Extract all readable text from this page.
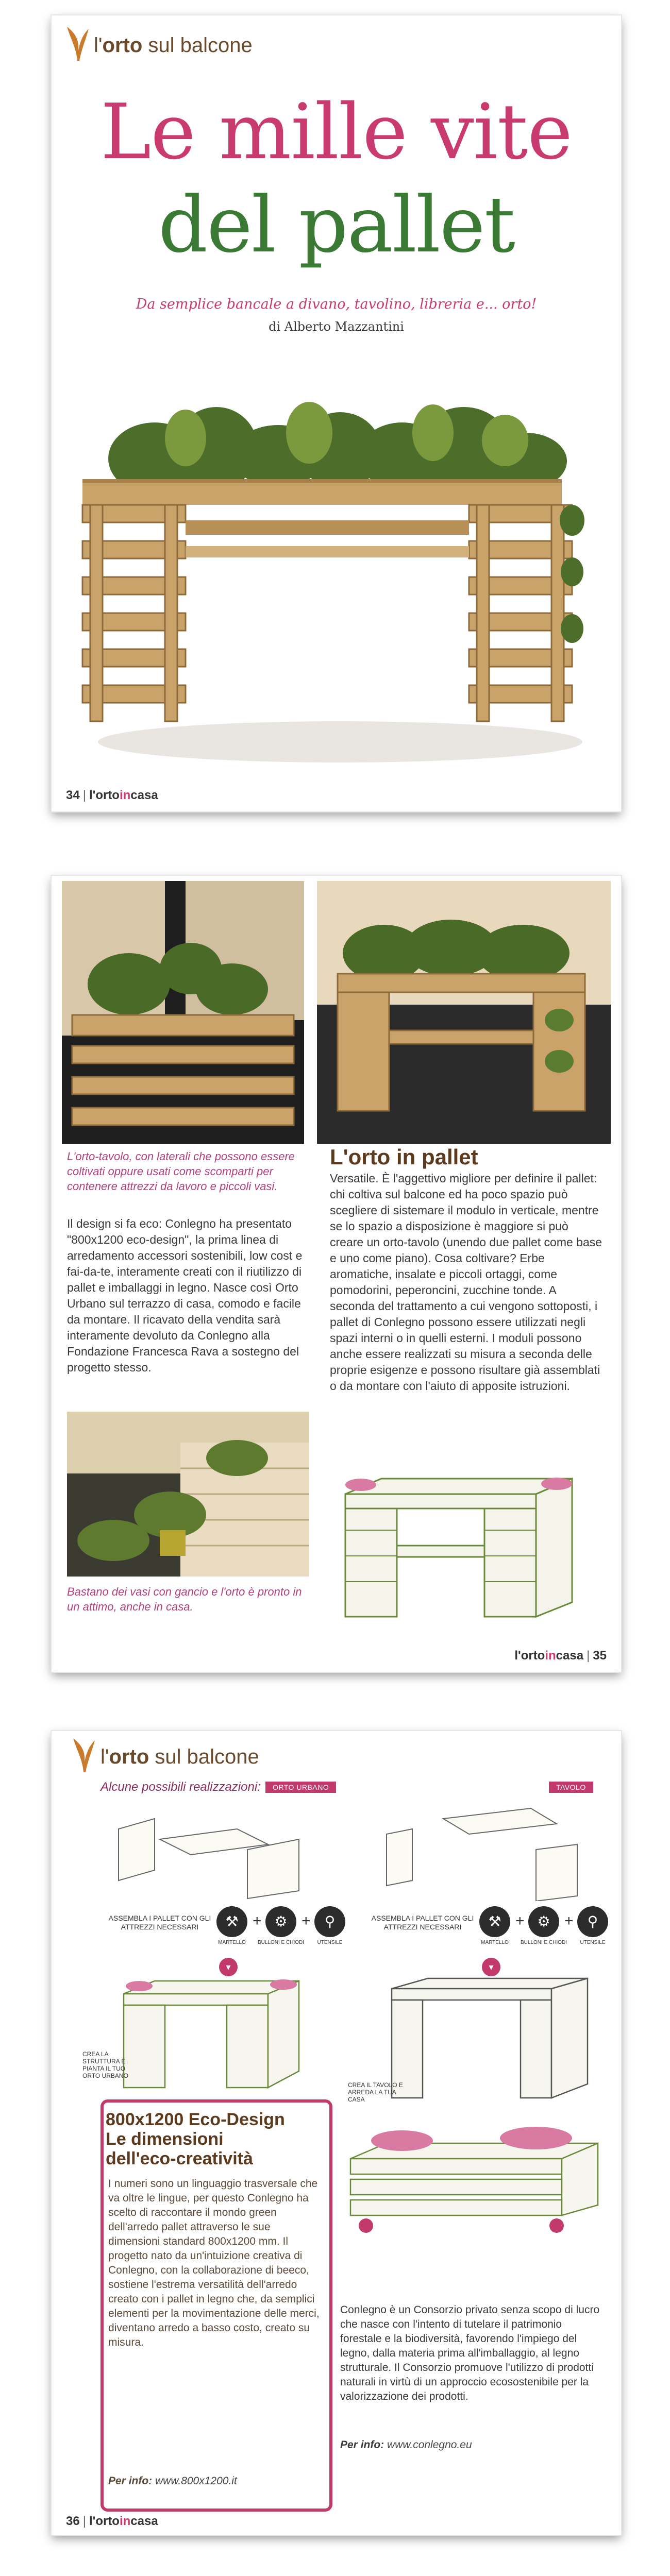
l'orto sul balcone
Le mille vite
del pallet
Da semplice bancale a divano, tavolino, libreria e... orto!
di Alberto Mazzantini
34 | l'ortoincasa

L'orto-tavolo, con laterali che possono essere coltivati oppure usati come scomparti per contenere attrezzi da lavoro e piccoli vasi.

Il design si fa eco: Conlegno ha presentato "800x1200 eco-design", la prima linea di arredamento accessori sostenibili, low cost e fai-da-te, interamente creati con il riutilizzo di pallet e imballaggi in legno. Nasce così Orto Urbano sul terrazzo di casa, comodo e facile da montare. Il ricavato della vendita sarà interamente devoluto da Conlegno alla Fondazione Francesca Rava a sostegno del progetto stesso.

Bastano dei vasi con gancio e l'orto è pronto in un attimo, anche in casa.

L'orto in pallet

Versatile. È l'aggettivo migliore per definire il pallet: chi coltiva sul balcone ed ha poco spazio può scegliere di sistemare il modulo in verticale, mentre se lo spazio a disposizione è maggiore si può creare un orto-tavolo (unendo due pallet come base e uno come piano). Cosa coltivare? Erbe aromatiche, insalate e piccoli ortaggi, come pomodorini, peperoncini, zucchine tonde. A seconda del trattamento a cui vengono sottoposti, i pallet di Conlegno possono essere utilizzati negli spazi interni o in quelli esterni. I moduli possono anche essere realizzati su misura a seconda delle proprie esigenze e possono risultare già assemblati o da montare con l'aiuto di apposite istruzioni.

l'ortoincasa | 35
l'orto sul balcone
Alcune possibili realizzazioni:	ORTO URBANO	TAVOLO
ASSEMBLA I PALLET CON GLI ATTREZZI NECESSARI	⚒ + ⚙ + ⚲
MARTELLO	BULLONI E CHIODI	UTENSILE
▾
CREA LA STRUTTURA E PIANTA IL TUO ORTO URBANO
ASSEMBLA I PALLET CON GLI ATTREZZI NECESSARI	⚒ + ⚙ + ⚲
MARTELLO	BULLONI E CHIODI	UTENSILE
▾
CREA IL TAVOLO E ARREDA LA TUA CASA
800x1200 Eco-Design
Le dimensioni
dell'eco-creatività

I numeri sono un linguaggio trasversale che va oltre le lingue, per questo Conlegno ha scelto di raccontare il mondo green dell'arredo pallet attraverso le sue dimensioni standard 800x1200 mm. Il progetto nato da un'intuizione creativa di Conlegno, con la collaborazione di beeco, sostiene l'estrema versatilità dell'arredo creato con i pallet in legno che, da semplici elementi per la movimentazione delle merci, diventano arredo a basso costo, creato su misura.

Per info: www.800x1200.it

Conlegno è un Consorzio privato senza scopo di lucro che nasce con l'intento di tutelare il patrimonio forestale e la biodiversità, favorendo l'impiego del legno, dalla materia prima all'imballaggio, al legno strutturale. Il Consorzio promuove l'utilizzo di prodotti naturali in virtù di un approccio ecosostenibile per la valorizzazione dei prodotti.

Per info: www.conlegno.eu
36 | l'ortoincasa
